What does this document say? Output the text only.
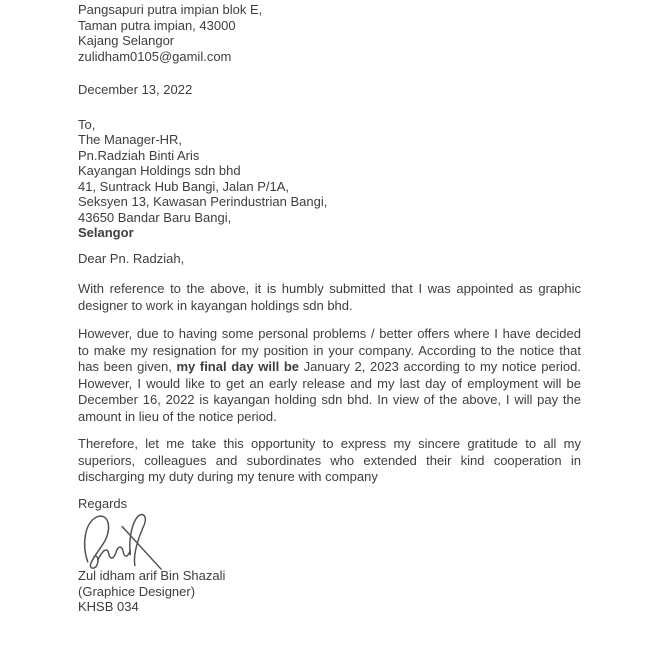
Pangsapuri putra impian blok E,
Taman putra impian, 43000
Kajang Selangor
zulidham0105@gamil.com
December 13, 2022
To,
The Manager-HR,
Pn.Radziah Binti Aris
Kayangan Holdings sdn bhd
41, Suntrack Hub Bangi, Jalan P/1A,
Seksyen 13, Kawasan Perindustrian Bangi,
43650 Bandar Baru Bangi,
Selangor
Dear Pn. Radziah,

With reference to the above, it is humbly submitted that I was appointed as graphic designer to work in kayangan holdings sdn bhd.

However, due to having some personal problems / better offers where I have decided to make my resignation for my position in your company. According to the notice that has been given, my final day will be January 2, 2023 according to my notice period. However, I would like to get an early release and my last day of employment will be December 16, 2022 is kayangan holding sdn bhd. In view of the above, I will pay the amount in lieu of the notice period.

Therefore, let me take this opportunity to express my sincere gratitude to all my superiors, colleagues and subordinates who extended their kind cooperation in discharging my duty during my tenure with company

Regards
Zul idham arif Bin Shazali
(Graphice Designer)
KHSB 034
